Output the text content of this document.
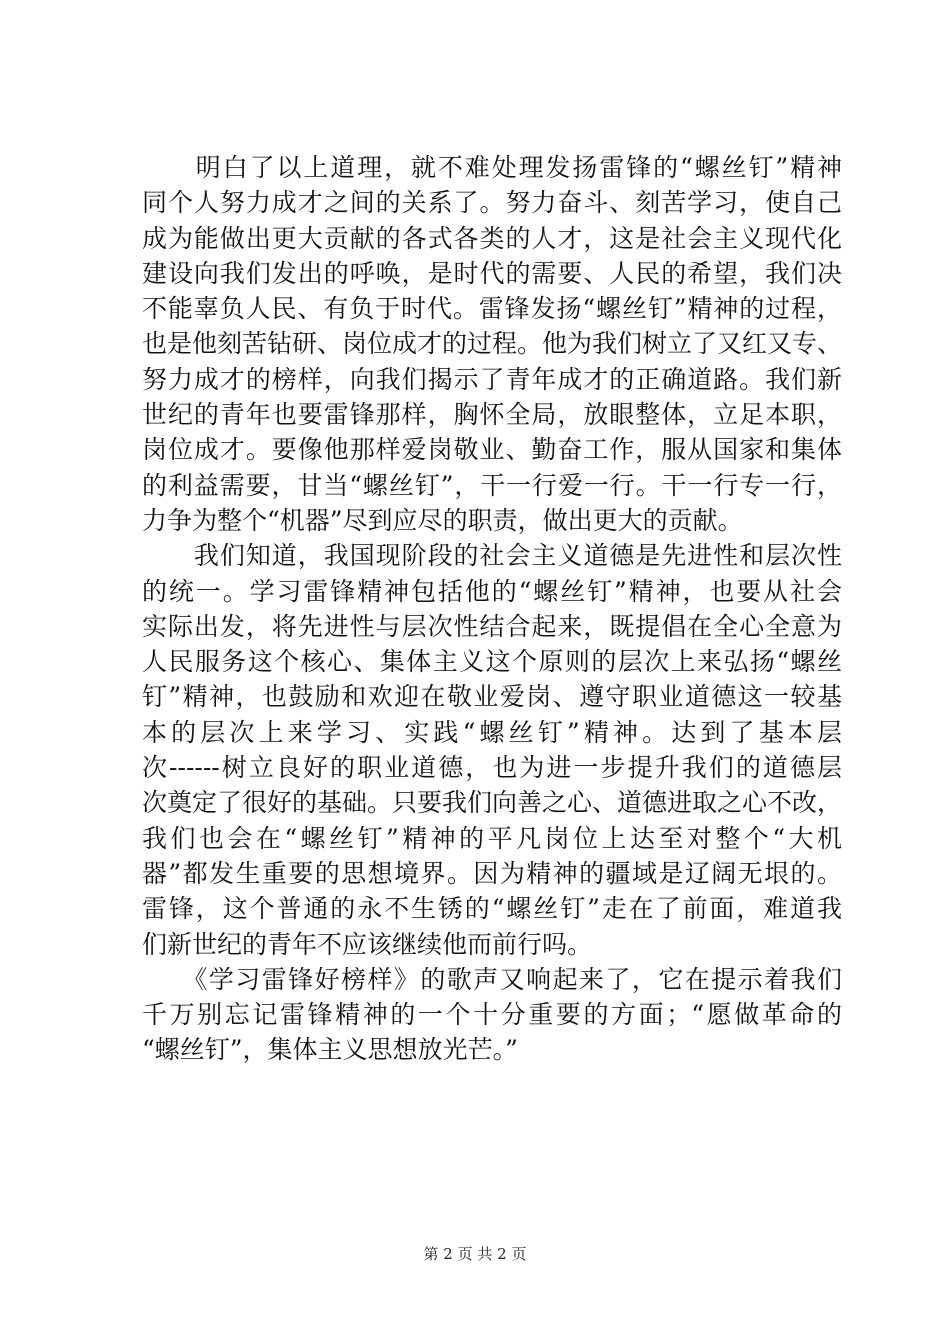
　　明白了以上道理，就不难处理发扬雷锋的“螺丝钉”精神
同个人努力成才之间的关系了。努力奋斗、刻苦学习，使自己
成为能做出更大贡献的各式各类的人才，这是社会主义现代化
建设向我们发出的呼唤，是时代的需要、人民的希望，我们决
不能辜负人民、有负于时代。雷锋发扬“螺丝钉”精神的过程，
也是他刻苦钻研、岗位成才的过程。他为我们树立了又红又专、
努力成才的榜样，向我们揭示了青年成才的正确道路。我们新
世纪的青年也要雷锋那样，胸怀全局，放眼整体，立足本职，
岗位成才。要像他那样爱岗敬业、勤奋工作，服从国家和集体
的利益需要，甘当“螺丝钉”，干一行爱一行。干一行专一行，
力争为整个“机器”尽到应尽的职责，做出更大的贡献。
　　我们知道，我国现阶段的社会主义道德是先进性和层次性
的统一。学习雷锋精神包括他的“螺丝钉”精神，也要从社会
实际出发，将先进性与层次性结合起来，既提倡在全心全意为
人民服务这个核心、集体主义这个原则的层次上来弘扬“螺丝
钉”精神，也鼓励和欢迎在敬业爱岗、遵守职业道德这一较基
本的层次上来学习、实践“螺丝钉”精神。达到了基本层
次------树立良好的职业道德，也为进一步提升我们的道德层
次奠定了很好的基础。只要我们向善之心、道德进取之心不改，
我们也会在“螺丝钉”精神的平凡岗位上达至对整个“大机
器”都发生重要的思想境界。因为精神的疆域是辽阔无垠的。
雷锋，这个普通的永不生锈的“螺丝钉”走在了前面，难道我
们新世纪的青年不应该继续他而前行吗。
　　《学习雷锋好榜样》的歌声又响起来了，它在提示着我们
千万别忘记雷锋精神的一个十分重要的方面；“愿做革命的
“螺丝钉”，集体主义思想放光芒。”
第 2 页 共 2 页
